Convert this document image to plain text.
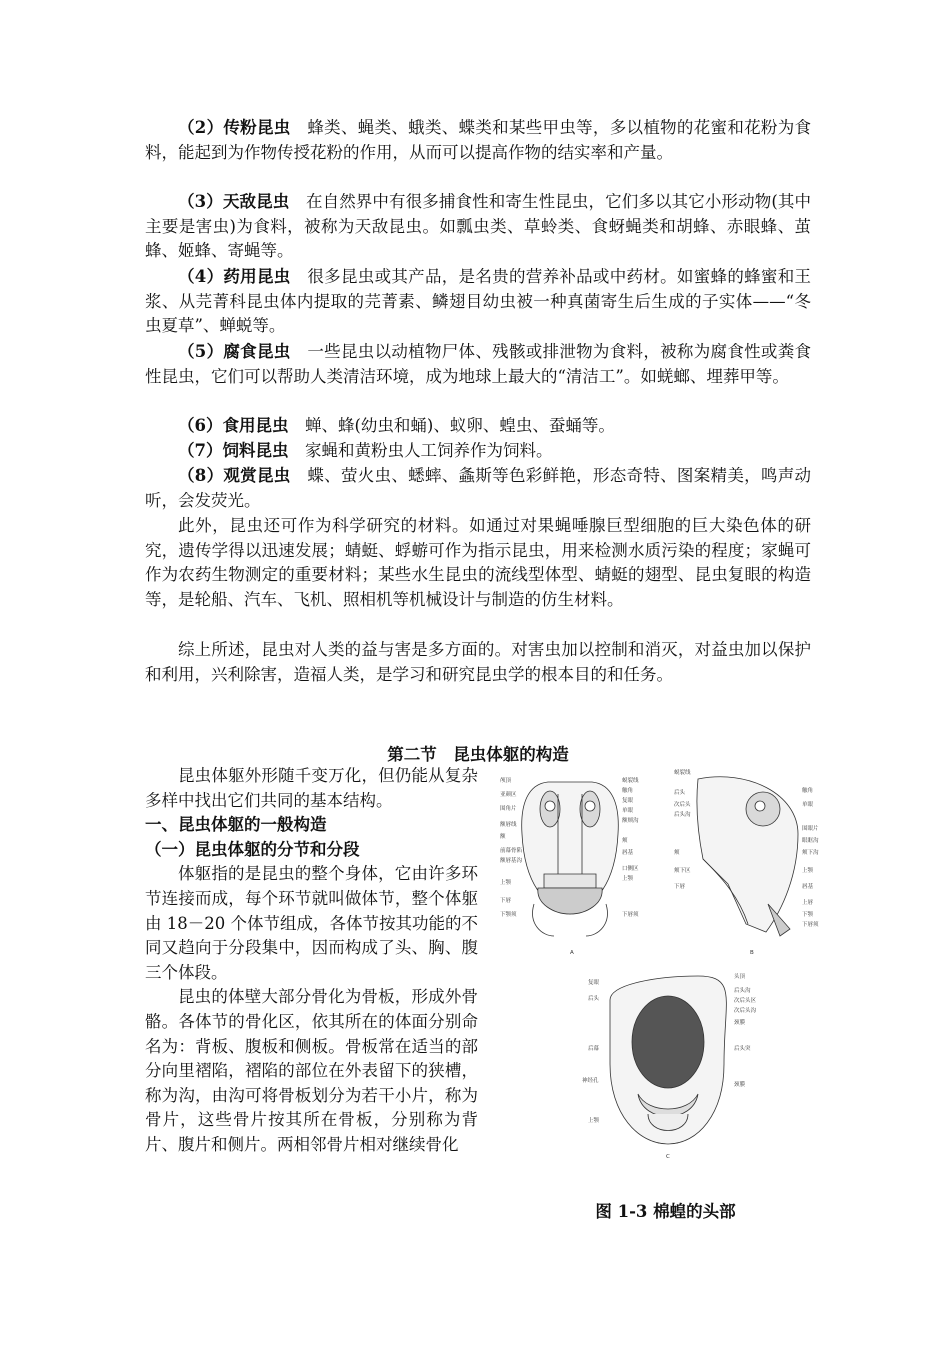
（2）传粉昆虫　蜂类、蝇类、蛾类、蝶类和某些甲虫等，多以植物的花蜜和花粉为食料，能起到为作物传授花粉的作用，从而可以提高作物的结实率和产量。

（3）天敌昆虫　在自然界中有很多捕食性和寄生性昆虫，它们多以其它小形动物(其中主要是害虫)为食料，被称为天敌昆虫。如瓢虫类、草蛉类、食蚜蝇类和胡蜂、赤眼蜂、茧蜂、姬蜂、寄蝇等。

（4）药用昆虫　很多昆虫或其产品，是名贵的营养补品或中药材。如蜜蜂的蜂蜜和王浆、从芫菁科昆虫体内提取的芫菁素、鳞翅目幼虫被一种真菌寄生后生成的子实体——“冬虫夏草”、蝉蜕等。

（5）腐食昆虫　一些昆虫以动植物尸体、残骸或排泄物为食料，被称为腐食性或粪食性昆虫，它们可以帮助人类清洁环境，成为地球上最大的“清洁工”。如蜣螂、埋葬甲等。

（6）食用昆虫　蝉、蜂(幼虫和蛹)、蚁卵、蝗虫、蚕蛹等。

（7）饲料昆虫　家蝇和黄粉虫人工饲养作为饲料。

（8）观赏昆虫　蝶、萤火虫、蟋蟀、螽斯等色彩鲜艳，形态奇特、图案精美，鸣声动听，会发荧光。

此外，昆虫还可作为科学研究的材料。如通过对果蝇唾腺巨型细胞的巨大染色体的研究，遗传学得以迅速发展；蜻蜓、蜉蝣可作为指示昆虫，用来检测水质污染的程度；家蝇可作为农药生物测定的重要材料；某些水生昆虫的流线型体型、蜻蜓的翅型、昆虫复眼的构造等，是轮船、汽车、飞机、照相机等机械设计与制造的仿生材料。

综上所述，昆虫对人类的益与害是多方面的。对害虫加以控制和消灭，对益虫加以保护和利用，兴利除害，造福人类，是学习和研究昆虫学的根本目的和任务。

第二节　昆虫体躯的构造

昆虫体躯外形随千变万化，但仍能从复杂多样中找出它们共同的基本结构。

一、昆虫体躯的一般构造
（一）昆虫体躯的分节和分段

体躯指的是昆虫的整个身体，它由许多环节连接而成，每个环节就叫做体节，整个体躯由 18－20 个体节组成，各体节按其功能的不同又趋向于分段集中，因而构成了头、胸、腹三个体段。

昆虫的体壁大部分骨化为骨板，形成外骨骼。各体节的骨化区，依其所在的体面分别命名为：背板、腹板和侧板。骨板常在适当的部分向里褶陷，褶陷的部位在外表留下的狭槽，称为沟，由沟可将骨板划分为若干小片，称为骨片，这些骨片按其所在骨板，分别称为背片、腹片和侧片。两相邻骨片相对继续骨化

颅顶
亚颜区
围角片
额唇线
额
前幕骨陷
额唇基沟
上颚
下唇
下颚须
蜕裂线
触角
复眼
单眼
额颊沟
颊
唇基
口侧区
上颚
下唇须
蜕裂线
后头
次后头
后头沟
颊
颊下区
下唇
触角
单眼
围眼片
眼眶沟
颊下沟
上颚
唇基
上唇
下颚
下唇须
复眼
后头
后幕
神经孔
上颚
头顶
后头沟
次后头区
次后头沟
颈膜
后头突
颈膜
A	B
C
图 1-3 棉蝗的头部
